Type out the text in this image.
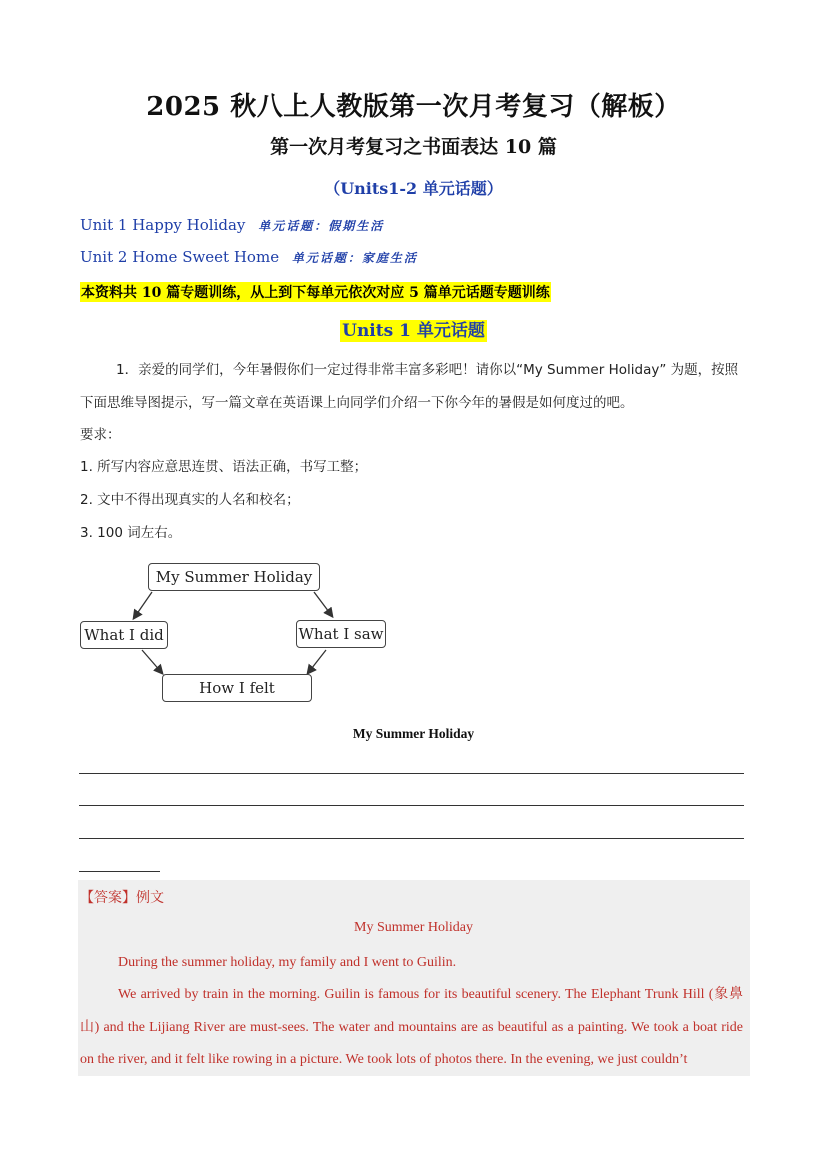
2025 秋八上人教版第一次月考复习（解板）
第一次月考复习之书面表达 10 篇
（Units1-2 单元话题）
Unit 1 Happy Holiday 单元话题：假期生活
Unit 2 Home Sweet Home 单元话题：家庭生活
本资料共 10 篇专题训练，从上到下每单元依次对应 5 篇单元话题专题训练
Units 1 单元话题
1．亲爱的同学们，今年暑假你们一定过得非常丰富多彩吧！请你以“My Summer Holiday” 为题，按照下面思维导图提示，写一篇文章在英语课上向同学们介绍一下你今年的暑假是如何度过的吧。
要求：
1. 所写内容应意思连贯、语法正确，书写工整；
2. 文中不得出现真实的人名和校名；
3. 100 词左右。
My Summer Holiday
What I did	What I saw
How I felt
My Summer Holiday
【答案】例文
My Summer Holiday
During the summer holiday, my family and I went to Guilin.
We arrived by train in the morning. Guilin is famous for its beautiful scenery. The Elephant Trunk Hill (象鼻山) and the Lijiang River are must-sees. The water and mountains are as beautiful as a painting. We took a boat ride on the river, and it felt like rowing in a picture. We took lots of photos there. In the evening, we just couldn’t
